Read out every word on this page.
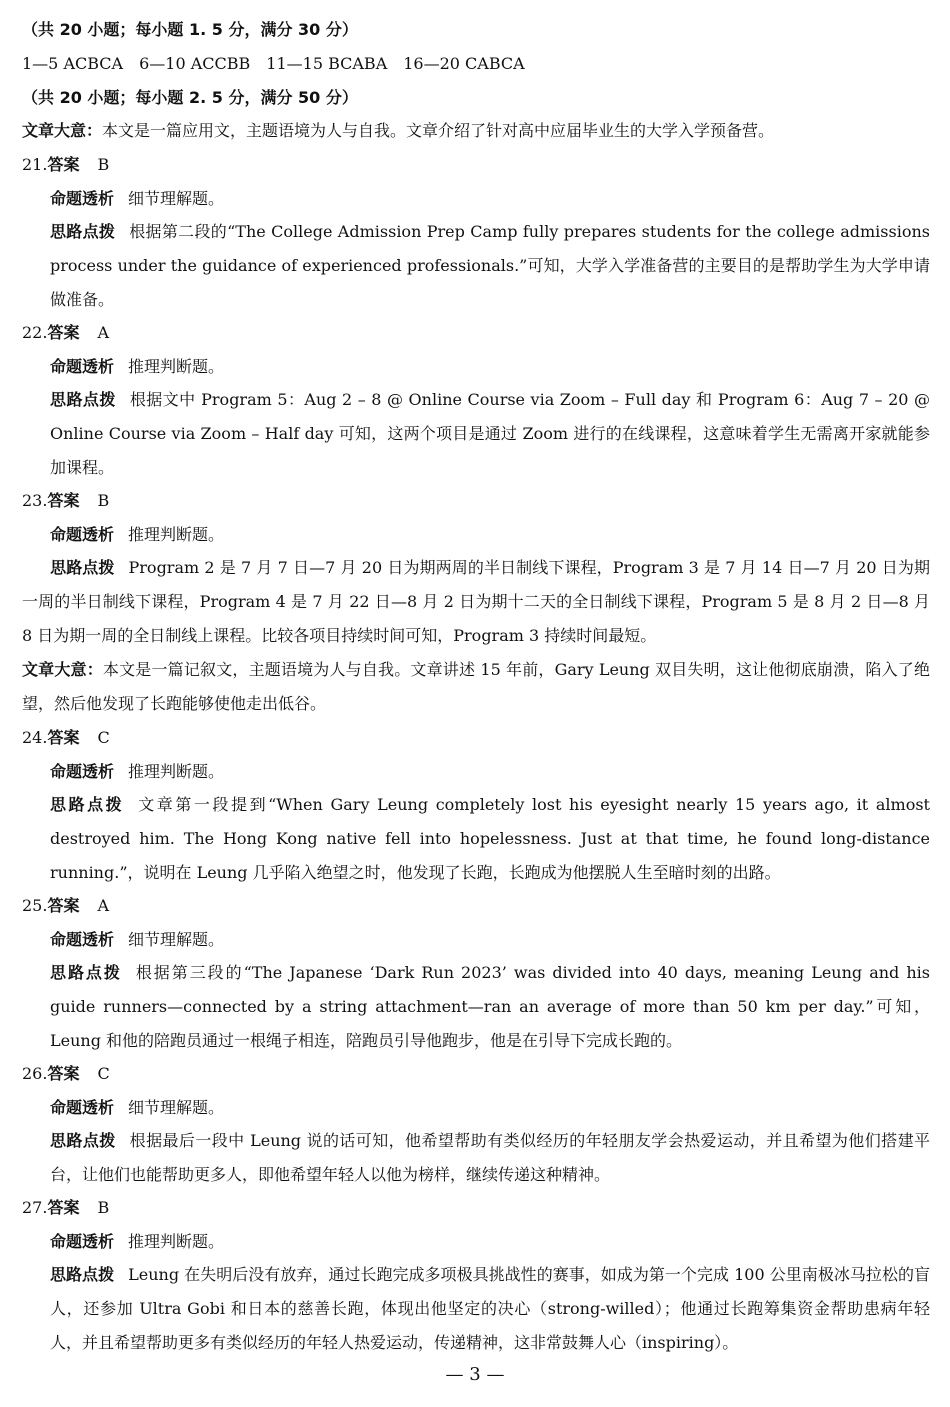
（共 20 小题；每小题 1. 5 分，满分 30 分）
1—5 ACBCA　6—10 ACCBB　11—15 BCABA　16—20 CABCA
（共 20 小题；每小题 2. 5 分，满分 50 分）
文章大意：本文是一篇应用文，主题语境为人与自我。文章介绍了针对高中应届毕业生的大学入学预备营。
21.答案 B
命题透析 细节理解题。
思路点拨 根据第二段的“The College Admission Prep Camp fully prepares students for the college admissions process under the guidance of experienced professionals.”可知，大学入学准备营的主要目的是帮助学生为大学申请做准备。
22.答案 A
命题透析 推理判断题。
思路点拨 根据文中 Program 5：Aug 2 – 8 @ Online Course via Zoom – Full day 和 Program 6：Aug 7 – 20 @ Online Course via Zoom – Half day 可知，这两个项目是通过 Zoom 进行的在线课程，这意味着学生无需离开家就能参加课程。
23.答案 B
命题透析 推理判断题。
思路点拨 Program 2 是 7 月 7 日—7 月 20 日为期两周的半日制线下课程，Program 3 是 7 月 14 日—7 月 20 日为期一周的半日制线下课程，Program 4 是 7 月 22 日—8 月 2 日为期十二天的全日制线下课程，Program 5 是 8 月 2 日—8 月 8 日为期一周的全日制线上课程。比较各项目持续时间可知，Program 3 持续时间最短。
文章大意：本文是一篇记叙文，主题语境为人与自我。文章讲述 15 年前，Gary Leung 双目失明，这让他彻底崩溃，陷入了绝望，然后他发现了长跑能够使他走出低谷。
24.答案 C
命题透析 推理判断题。
思路点拨 文章第一段提到“When Gary Leung completely lost his eyesight nearly 15 years ago, it almost destroyed him. The Hong Kong native fell into hopelessness. Just at that time, he found long-distance running.”，说明在 Leung 几乎陷入绝望之时，他发现了长跑，长跑成为他摆脱人生至暗时刻的出路。
25.答案 A
命题透析 细节理解题。
思路点拨 根据第三段的“The Japanese ‘Dark Run 2023’ was divided into 40 days, meaning Leung and his guide runners—connected by a string attachment—ran an average of more than 50 km per day.”可知，Leung 和他的陪跑员通过一根绳子相连，陪跑员引导他跑步，他是在引导下完成长跑的。
26.答案 C
命题透析 细节理解题。
思路点拨 根据最后一段中 Leung 说的话可知，他希望帮助有类似经历的年轻朋友学会热爱运动，并且希望为他们搭建平台，让他们也能帮助更多人，即他希望年轻人以他为榜样，继续传递这种精神。
27.答案 B
命题透析 推理判断题。
思路点拨 Leung 在失明后没有放弃，通过长跑完成多项极具挑战性的赛事，如成为第一个完成 100 公里南极冰马拉松的盲人，还参加 Ultra Gobi 和日本的慈善长跑，体现出他坚定的决心（strong-willed）；他通过长跑筹集资金帮助患病年轻人，并且希望帮助更多有类似经历的年轻人热爱运动，传递精神，这非常鼓舞人心（inspiring）。
— 3 —
